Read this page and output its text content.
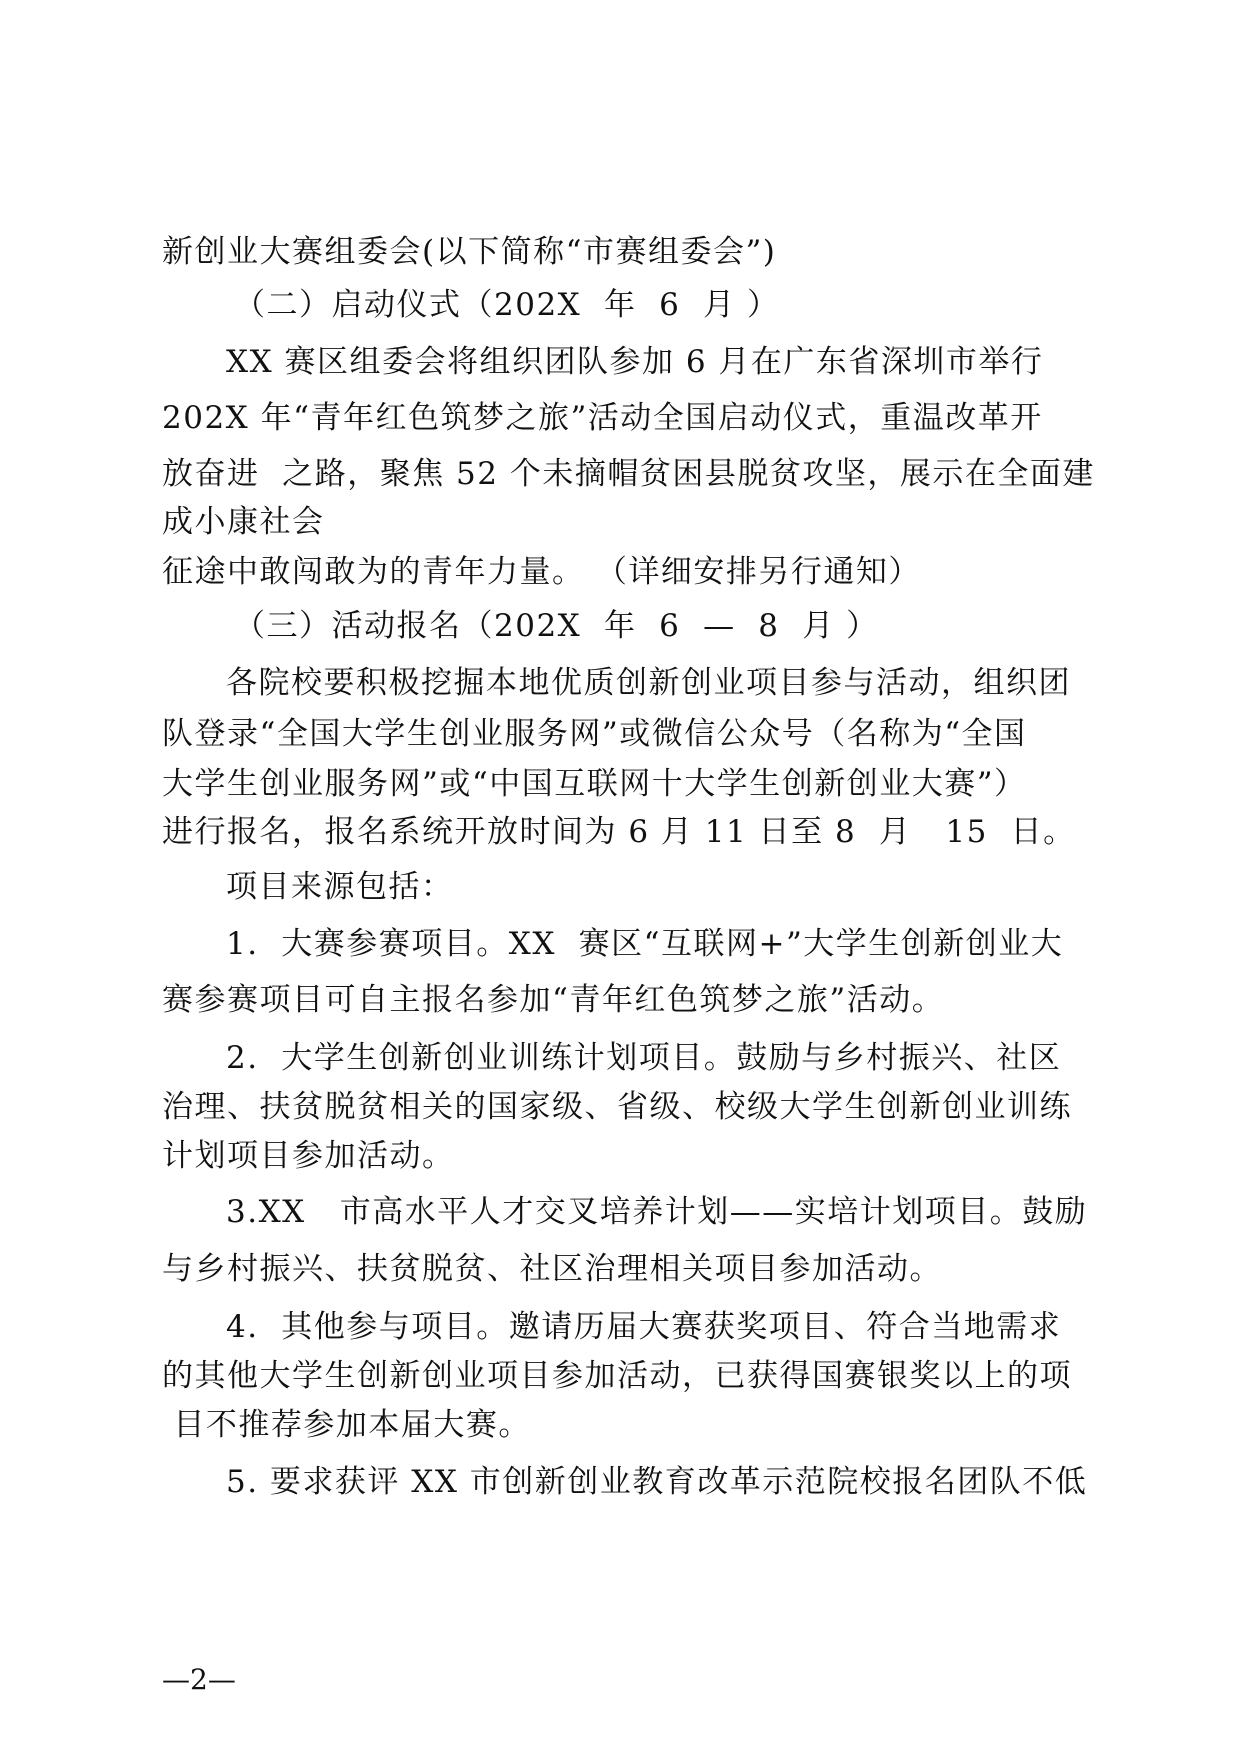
新创业大赛组委会(以下简称“市赛组委会”)
（二）启动仪式（202X  年  6  月 ）
XX 赛区组委会将组织团队参加 6 月在广东省深圳市举行
202X 年“青年红色筑梦之旅”活动全国启动仪式，重温改革开
放奋进  之路，聚焦 52 个未摘帽贫困县脱贫攻坚，展示在全面建
成小康社会
征途中敢闯敢为的青年力量。 （详细安排另行通知）
（三）活动报名（202X  年  6  —  8  月 ）
各院校要积极挖掘本地优质创新创业项目参与活动，组织团
队登录“全国大学生创业服务网”或微信公众号（名称为“全国
大学生创业服务网”或“中国互联网十大学生创新创业大赛”）
进行报名，报名系统开放时间为 6 月 11 日至 8  月   15  日。
项目来源包括：
1.  大赛参赛项目。XX  赛区“互联网+”大学生创新创业大
赛参赛项目可自主报名参加“青年红色筑梦之旅”活动。
2.  大学生创新创业训练计划项目。鼓励与乡村振兴、社区
治理、扶贫脱贫相关的国家级、省级、校级大学生创新创业训练
计划项目参加活动。
3.XX   市高水平人才交叉培养计划——实培计划项目。鼓励
与乡村振兴、扶贫脱贫、社区治理相关项目参加活动。
4.  其他参与项目。邀请历届大赛获奖项目、符合当地需求
的其他大学生创新创业项目参加活动，已获得国赛银奖以上的项
目不推荐参加本届大赛。
5. 要求获评 XX 市创新创业教育改革示范院校报名团队不低
—2—
